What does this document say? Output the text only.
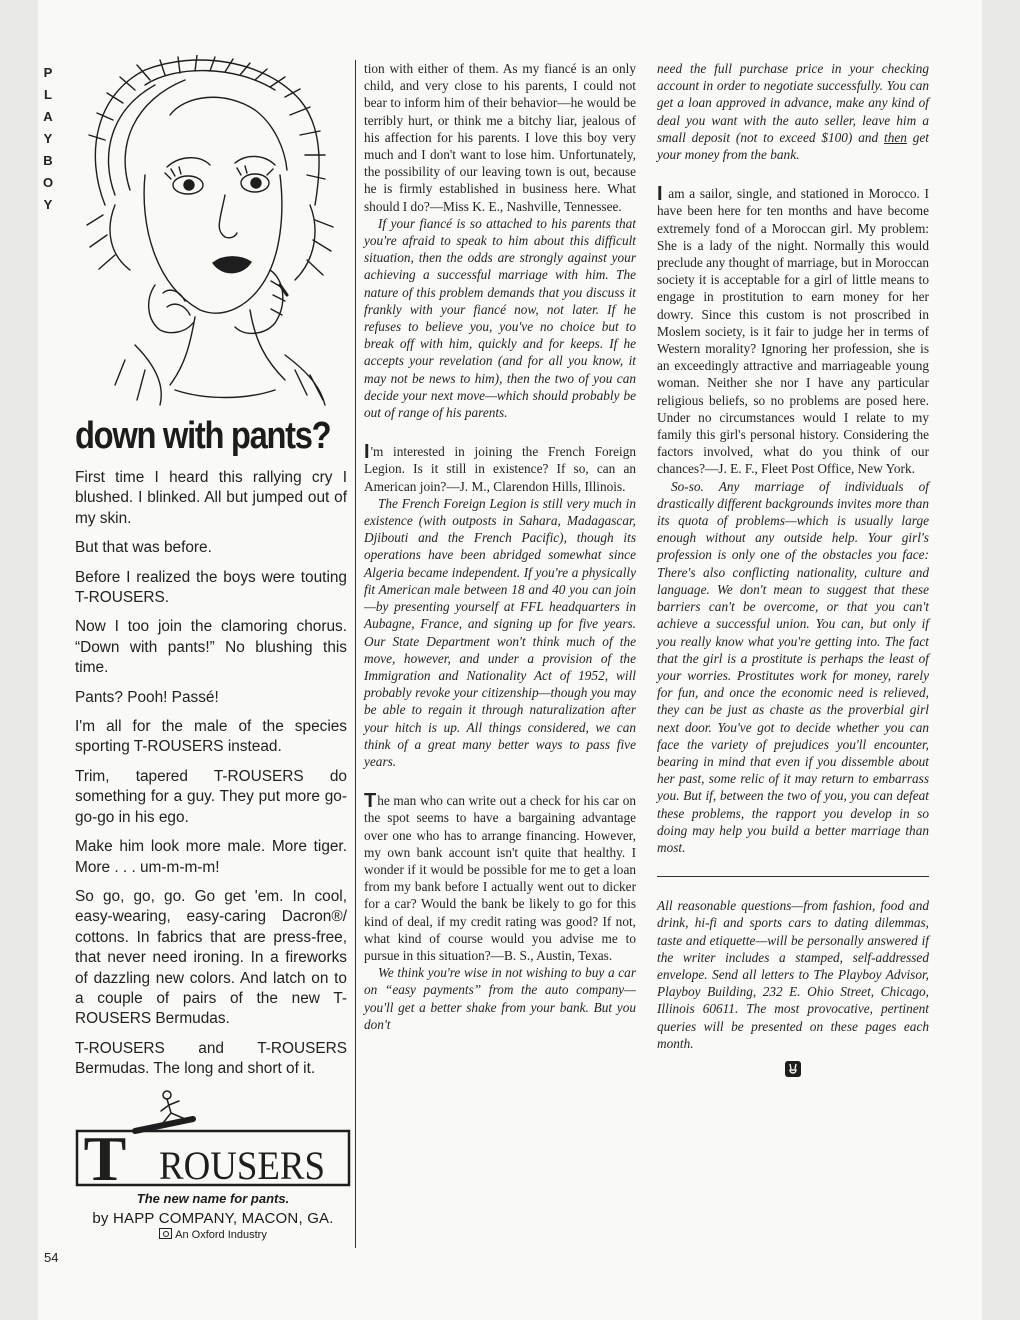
PLAYBOY
54
down with pants?

First time I heard this rallying cry I blushed. I blinked. All but jumped out of my skin.

But that was before.

Before I realized the boys were touting T-ROUSERS.

Now I too join the clamoring chorus. “Down with pants!” No blushing this time.

Pants? Pooh! Passé!

I'm all for the male of the species sporting T-ROUSERS instead.

Trim, tapered T-ROUSERS do something for a guy. They put more go-go-go in his ego.

Make him look more male. More tiger. More . . . um-m-m-m!

So go, go, go. Go get 'em. In cool, easy-wearing, easy-caring Dacron®/ cottons. In fabrics that are press-free, that never need ironing. In a fireworks of dazzling new colors. And latch on to a couple of pairs of the new T-ROUSERS Bermudas.

T-ROUSERS and T-ROUSERS Bermudas. The long and short of it.

T ROUSERS
The new name for pants.
by HAPP COMPANY, MACON, GA.
An Oxford Industry

tion with either of them. As my fiancé is an only child, and very close to his parents, I could not bear to inform him of their behavior—he would be terribly hurt, or think me a bitchy liar, jealous of his affection for his parents. I love this boy very much and I don't want to lose him. Unfortunately, the possibility of our leaving town is out, because he is firmly established in business here. What should I do?—Miss K. E., Nashville, Tennessee.

If your fiancé is so attached to his parents that you're afraid to speak to him about this difficult situation, then the odds are strongly against your achieving a successful marriage with him. The nature of this problem demands that you discuss it frankly with your fiancé now, not later. If he refuses to believe you, you've no choice but to break off with him, quickly and for keeps. If he accepts your revelation (and for all you know, it may not be news to him), then the two of you can decide your next move—which should probably be out of range of his parents.

I'm interested in joining the French Foreign Legion. Is it still in existence? If so, can an American join?—J. M., Clarendon Hills, Illinois.

The French Foreign Legion is still very much in existence (with outposts in Sahara, Madagascar, Djibouti and the French Pacific), though its operations have been abridged somewhat since Algeria became independent. If you're a physically fit American male between 18 and 40 you can join—by presenting yourself at FFL headquarters in Aubagne, France, and signing up for five years. Our State Department won't think much of the move, however, and under a provision of the Immigration and Nationality Act of 1952, will probably revoke your citizenship—though you may be able to regain it through naturalization after your hitch is up. All things considered, we can think of a great many better ways to pass five years.

The man who can write out a check for his car on the spot seems to have a bargaining advantage over one who has to arrange financing. However, my own bank account isn't quite that healthy. I wonder if it would be possible for me to get a loan from my bank before I actually went out to dicker for a car? Would the bank be likely to go for this kind of deal, if my credit rating was good? If not, what kind of course would you advise me to pursue in this situation?—B. S., Austin, Texas.

We think you're wise in not wishing to buy a car on “easy payments” from the auto company—you'll get a better shake from your bank. But you don't

need the full purchase price in your checking account in order to negotiate successfully. You can get a loan approved in advance, make any kind of deal you want with the auto seller, leave him a small deposit (not to exceed $100) and then get your money from the bank.

I am a sailor, single, and stationed in Morocco. I have been here for ten months and have become extremely fond of a Moroccan girl. My problem: She is a lady of the night. Normally this would preclude any thought of marriage, but in Moroccan society it is acceptable for a girl of little means to engage in prostitution to earn money for her dowry. Since this custom is not proscribed in Moslem society, is it fair to judge her in terms of Western morality? Ignoring her profession, she is an exceedingly attractive and marriageable young woman. Neither she nor I have any particular religious beliefs, so no problems are posed here. Under no circumstances would I relate to my family this girl's personal history. Considering the factors involved, what do you think of our chances?—J. E. F., Fleet Post Office, New York.

So-so. Any marriage of individuals of drastically different backgrounds invites more than its quota of problems—which is usually large enough without any outside help. Your girl's profession is only one of the obstacles you face: There's also conflicting nationality, culture and language. We don't mean to suggest that these barriers can't be overcome, or that you can't achieve a successful union. You can, but only if you really know what you're getting into. The fact that the girl is a prostitute is perhaps the least of your worries. Prostitutes work for money, rarely for fun, and once the economic need is relieved, they can be just as chaste as the proverbial girl next door. You've got to decide whether you can face the variety of prejudices you'll encounter, bearing in mind that even if you dissemble about her past, some relic of it may return to embarrass you. But if, between the two of you, you can defeat these problems, the rapport you develop in so doing may help you build a better marriage than most.

All reasonable questions—from fashion, food and drink, hi-fi and sports cars to dating dilemmas, taste and etiquette—will be personally answered if the writer includes a stamped, self-addressed envelope. Send all letters to The Playboy Advisor, Playboy Building, 232 E. Ohio Street, Chicago, Illinois 60611. The most provocative, pertinent queries will be presented on these pages each month.
